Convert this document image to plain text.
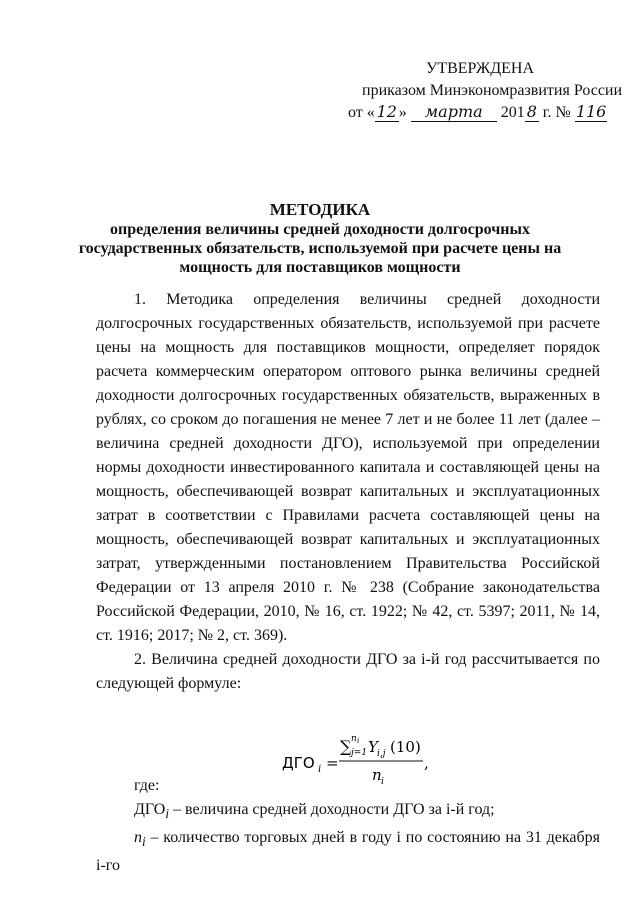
УТВЕРЖДЕНА
приказом Минэкономразвития России
от « 12 » марта 201 8 г. № 116
МЕТОДИКА
определения величины средней доходности долгосрочных государственных обязательств, используемой при расчете цены на мощность для поставщиков мощности

1. Методика определения величины средней доходности долгосрочных государственных обязательств, используемой при расчете цены на мощность для поставщиков мощности, определяет порядок расчета коммерческим оператором оптового рынка величины средней доходности долгосрочных государственных обязательств, выраженных в рублях, со сроком до погашения не менее 7 лет и не более 11 лет (далее – величина средней доходности ДГО), используемой при определении нормы доходности инвестированного капитала и составляющей цены на мощность, обеспечивающей возврат капитальных и эксплуатационных затрат в соответствии с Правилами расчета составляющей цены на мощность, обеспечивающей возврат капитальных и эксплуатационных затрат, утвержденными постановлением Правительства Российской Федерации от 13 апреля 2010 г. № 238 (Собрание законодательства Российской Федерации, 2010, № 16, ст. 1922; № 42, ст. 5397; 2011, № 14, ст. 1916; 2017; № 2, ст. 369).

2. Величина средней доходности ДГО за i-й год рассчитывается по следующей формуле:

где:

$ДГО_i$ – величина средней доходности ДГО за i-й год;

$n_i$ – количество торговых дней в году i по состоянию на 31 декабря i-го

ДГО i =
∑ n i
j=1 Y i,j (10)
n i
,
